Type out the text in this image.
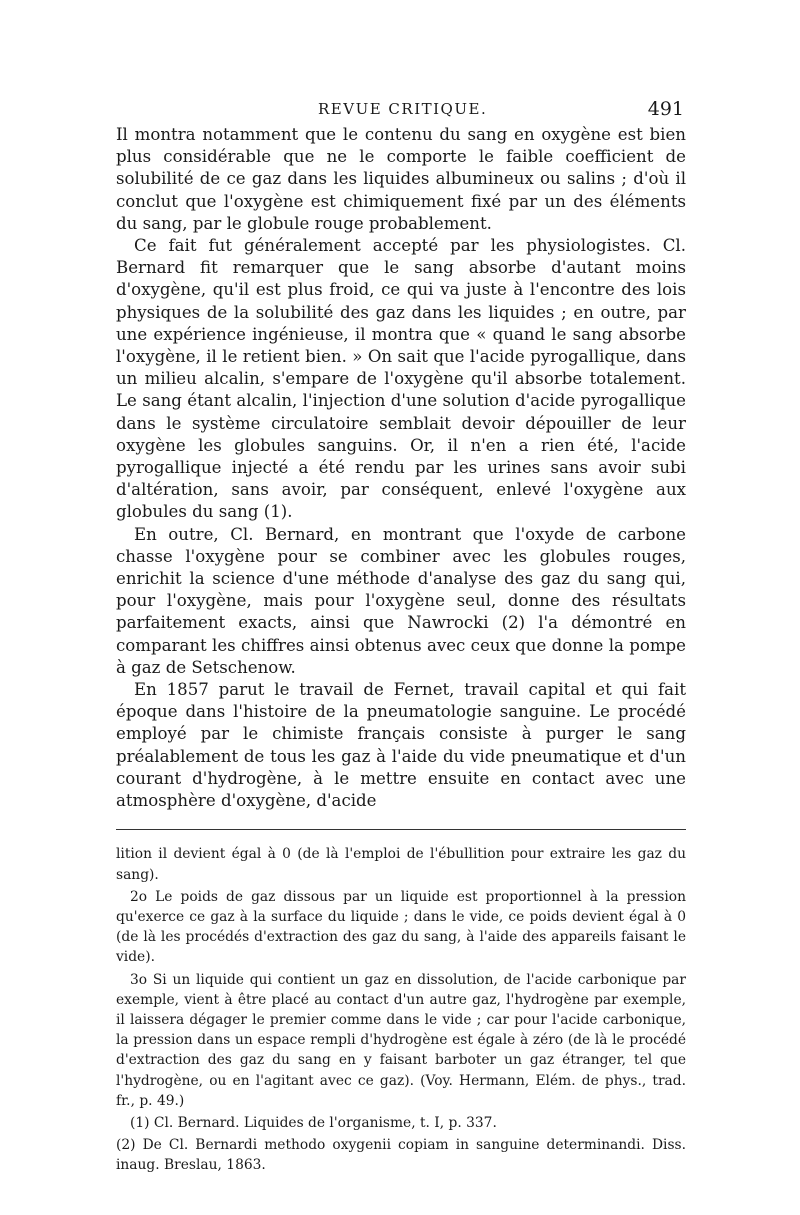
REVUE CRITIQUE.	491

Il montra notamment que le contenu du sang en oxygène est bien plus considérable que ne le comporte le faible coefficient de solubilité de ce gaz dans les liquides albumineux ou salins ; d'où il conclut que l'oxygène est chimiquement fixé par un des éléments du sang, par le globule rouge probablement.

Ce fait fut généralement accepté par les physiologistes. Cl. Bernard fit remarquer que le sang absorbe d'autant moins d'oxygène, qu'il est plus froid, ce qui va juste à l'encontre des lois physiques de la solubilité des gaz dans les liquides ; en outre, par une expérience ingénieuse, il montra que « quand le sang absorbe l'oxygène, il le retient bien. » On sait que l'acide pyrogallique, dans un milieu alcalin, s'empare de l'oxygène qu'il absorbe totalement. Le sang étant alcalin, l'injection d'une solution d'acide pyrogallique dans le système circulatoire semblait devoir dépouiller de leur oxygène les globules sanguins. Or, il n'en a rien été, l'acide pyrogallique injecté a été rendu par les urines sans avoir subi d'altération, sans avoir, par conséquent, enlevé l'oxygène aux globules du sang (1).

En outre, Cl. Bernard, en montrant que l'oxyde de carbone chasse l'oxygène pour se combiner avec les globules rouges, enrichit la science d'une méthode d'analyse des gaz du sang qui, pour l'oxygène, mais pour l'oxygène seul, donne des résultats parfaitement exacts, ainsi que Nawrocki (2) l'a démontré en comparant les chiffres ainsi obtenus avec ceux que donne la pompe à gaz de Setschenow.

En 1857 parut le travail de Fernet, travail capital et qui fait époque dans l'histoire de la pneumatologie sanguine. Le procédé employé par le chimiste français consiste à purger le sang préalablement de tous les gaz à l'aide du vide pneumatique et d'un courant d'hydrogène, à le mettre ensuite en contact avec une atmosphère d'oxygène, d'acide

lition il devient égal à 0 (de là l'emploi de l'ébullition pour extraire les gaz du sang).

2o Le poids de gaz dissous par un liquide est proportionnel à la pression qu'exerce ce gaz à la surface du liquide ; dans le vide, ce poids devient égal à 0 (de là les procédés d'extraction des gaz du sang, à l'aide des appareils faisant le vide).

3o Si un liquide qui contient un gaz en dissolution, de l'acide carbonique par exemple, vient à être placé au contact d'un autre gaz, l'hydrogène par exemple, il laissera dégager le premier comme dans le vide ; car pour l'acide carbonique, la pression dans un espace rempli d'hydrogène est égale à zéro (de là le procédé d'extraction des gaz du sang en y faisant barboter un gaz étranger, tel que l'hydrogène, ou en l'agitant avec ce gaz). (Voy. Hermann, Elém. de phys., trad. fr., p. 49.)

(1) Cl. Bernard. Liquides de l'organisme, t. I, p. 337.

(2) De Cl. Bernardi methodo oxygenii copiam in sanguine determinandi. Diss. inaug. Breslau, 1863.
